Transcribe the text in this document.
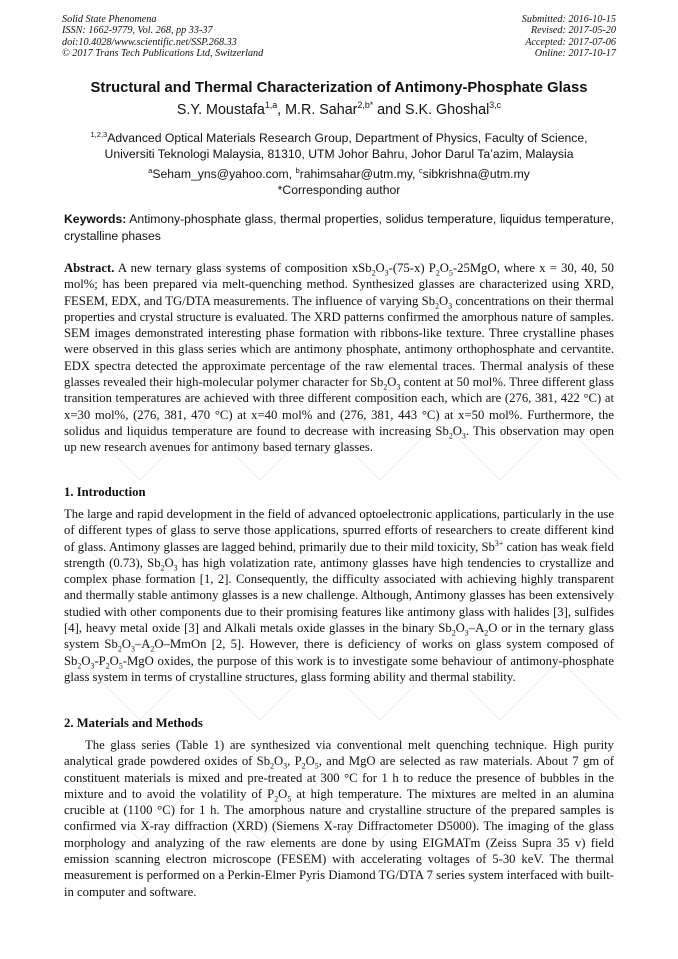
Solid State Phenomena
ISSN: 1662-9779, Vol. 268, pp 33-37
doi:10.4028/www.scientific.net/SSP.268.33
© 2017 Trans Tech Publications Ltd, Switzerland
Submitted: 2016-10-15
Revised: 2017-05-20
Accepted: 2017-07-06
Online: 2017-10-17
Structural and Thermal Characterization of Antimony-Phosphate Glass
S.Y. Moustafa$^{1,a}$, M.R. Sahar$^{2,b*}$ and S.K. Ghoshal$^{3,c}$
$^{1,2,3}$Advanced Optical Materials Research Group, Department of Physics, Faculty of Science,
Universiti Teknologi Malaysia, 81310, UTM Johor Bahru, Johor Darul Ta’azim, Malaysia
$^a$Seham_yns@yahoo.com, $^b$rahimsahar@utm.my, $^c$sibkrishna@utm.my
*Corresponding author
Keywords: Antimony-phosphate glass, thermal properties, solidus temperature, liquidus temperature, crystalline phases
Abstract. A new ternary glass systems of composition $xSb_2O_3-(75-x)$ $P_2O_5-25MgO$, where x = 30, 40, 50 mol%; has been prepared via melt-quenching method. Synthesized glasses are characterized using XRD, FESEM, EDX, and TG/DTA measurements. The influence of varying $Sb_2O_3$ concentrations on their thermal properties and crystal structure is evaluated. The XRD patterns confirmed the amorphous nature of samples. SEM images demonstrated interesting phase formation with ribbons-like texture. Three crystalline phases were observed in this glass series which are antimony phosphate, antimony orthophosphate and cervantite. EDX spectra detected the approximate percentage of the raw elemental traces. Thermal analysis of these glasses revealed their high-molecular polymer character for $Sb_2O_3$ content at 50 mol%. Three different glass transition temperatures are achieved with three different composition each, which are (276, 381, 422 °C) at x=30 mol%, (276, 381, 470 °C) at x=40 mol% and (276, 381, 443 °C) at x=50 mol%. Furthermore, the solidus and liquidus temperature are found to decrease with increasing $Sb_2O_3$. This observation may open up new research avenues for antimony based ternary glasses.
1. Introduction
The large and rapid development in the field of advanced optoelectronic applications, particularly in the use of different types of glass to serve those applications, spurred efforts of researchers to create different kind of glass. Antimony glasses are lagged behind, primarily due to their mild toxicity, $Sb^{3+}$ cation has weak field strength (0.73), $Sb_2O_3$ has high volatization rate, antimony glasses have high tendencies to crystallize and complex phase formation [1, 2]. Consequently, the difficulty associated with achieving highly transparent and thermally stable antimony glasses is a new challenge. Although, Antimony glasses has been extensively studied with other components due to their promising features like antimony glass with halides [3], sulfides [4], heavy metal oxide [3] and Alkali metals oxide glasses in the binary $Sb_2O_3-A_2O$ or in the ternary glass system $Sb_2O_3-A_2O$–MmOn [2, 5]. However, there is deficiency of works on glass system composed of $Sb_2O_3-P_2O_5$-MgO oxides, the purpose of this work is to investigate some behaviour of antimony-phosphate glass system in terms of crystalline structures, glass forming ability and thermal stability.
2. Materials and Methods
The glass series (Table 1) are synthesized via conventional melt quenching technique. High purity analytical grade powdered oxides of $Sb_2O_3$, $P_2O_5$, and MgO are selected as raw materials. About 7 gm of constituent materials is mixed and pre-treated at 300 °C for 1 h to reduce the presence of bubbles in the mixture and to avoid the volatility of $P_2O_5$ at high temperature. The mixtures are melted in an alumina crucible at (1100 °C) for 1 h. The amorphous nature and crystalline structure of the prepared samples is confirmed via X-ray diffraction (XRD) (Siemens X-ray Diffractometer D5000). The imaging of the glass morphology and analyzing of the raw elements are done by using EIGMATm (Zeiss Supra 35 v) field emission scanning electron microscope (FESEM) with accelerating voltages of 5-30 keV. The thermal measurement is performed on a Perkin-Elmer Pyris Diamond TG/DTA 7 series system interfaced with built-in computer and software.
